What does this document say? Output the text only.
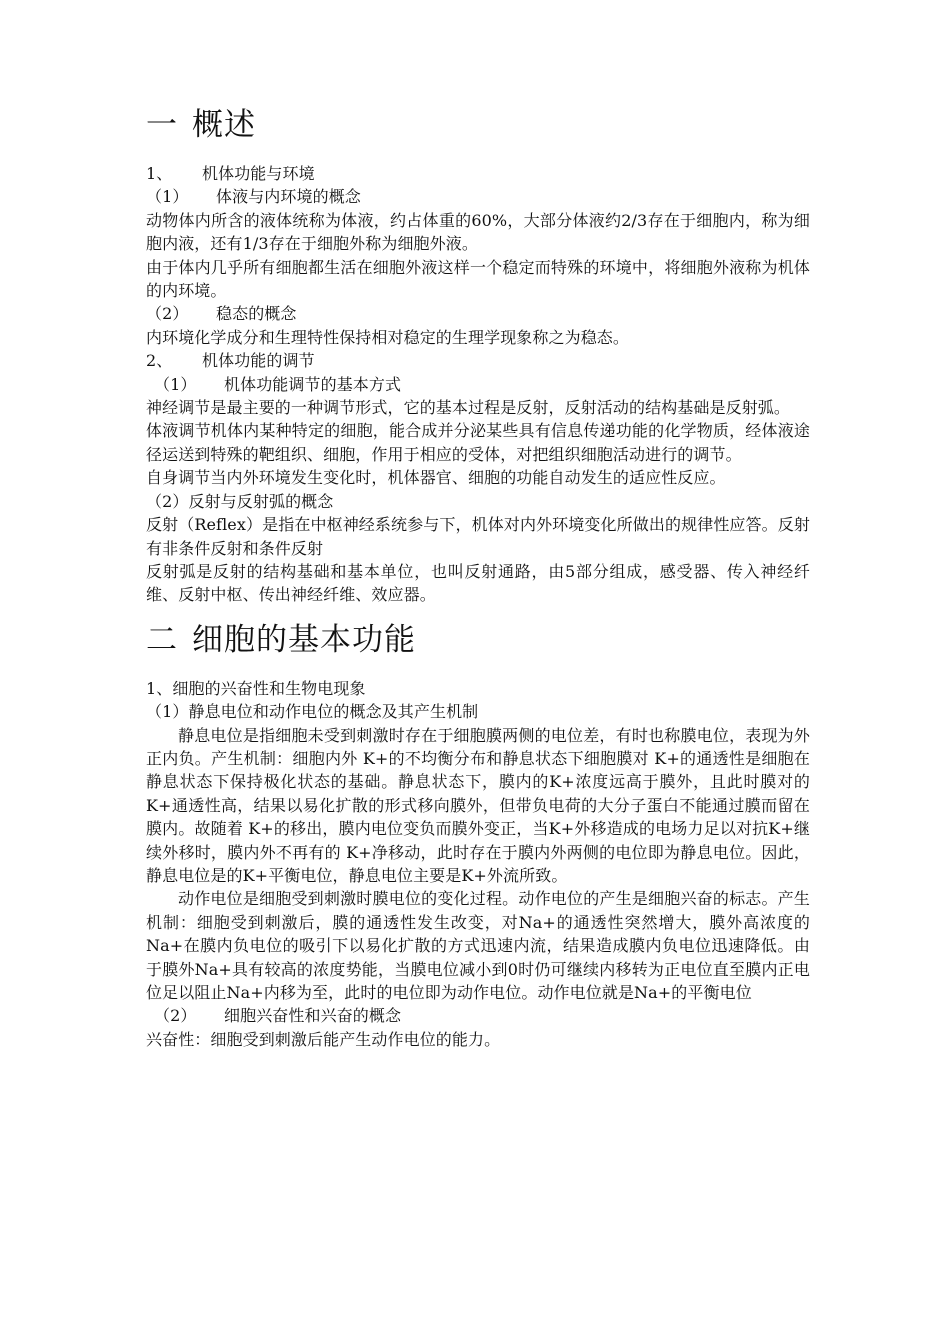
一 概述

1、 机体功能与环境

（1） 体液与内环境的概念

动物体内所含的液体统称为体液，约占体重的60%，大部分体液约2/3存在于细胞内，称为细胞内液，还有1/3存在于细胞外称为细胞外液。

由于体内几乎所有细胞都生活在细胞外液这样一个稳定而特殊的环境中，将细胞外液称为机体的内环境。

（2） 稳态的概念

内环境化学成分和生理特性保持相对稳定的生理学现象称之为稳态。

2、 机体功能的调节

（1） 机体功能调节的基本方式

神经调节是最主要的一种调节形式，它的基本过程是反射，反射活动的结构基础是反射弧。

体液调节机体内某种特定的细胞，能合成并分泌某些具有信息传递功能的化学物质，经体液途径运送到特殊的靶组织、细胞，作用于相应的受体，对把组织细胞活动进行的调节。

自身调节当内外环境发生变化时，机体器官、细胞的功能自动发生的适应性反应。

（2）反射与反射弧的概念

反射（Reflex）是指在中枢神经系统参与下，机体对内外环境变化所做出的规律性应答。反射有非条件反射和条件反射

反射弧是反射的结构基础和基本单位，也叫反射通路，由5部分组成，感受器、传入神经纤维、反射中枢、传出神经纤维、效应器。

二 细胞的基本功能

1、细胞的兴奋性和生物电现象

（1）静息电位和动作电位的概念及其产生机制

静息电位是指细胞未受到刺激时存在于细胞膜两侧的电位差，有时也称膜电位，表现为外正内负。产生机制：细胞内外 K+的不均衡分布和静息状态下细胞膜对 K+的通透性是细胞在静息状态下保持极化状态的基础。静息状态下，膜内的K+浓度远高于膜外，且此时膜对的K+通透性高，结果以易化扩散的形式移向膜外，但带负电荷的大分子蛋白不能通过膜而留在膜内。故随着 K+的移出，膜内电位变负而膜外变正，当K+外移造成的电场力足以对抗K+继续外移时，膜内外不再有的 K+净移动，此时存在于膜内外两侧的电位即为静息电位。因此，静息电位是的K+平衡电位，静息电位主要是K+外流所致。

动作电位是细胞受到刺激时膜电位的变化过程。动作电位的产生是细胞兴奋的标志。产生机制：细胞受到刺激后，膜的通透性发生改变，对Na+的通透性突然增大，膜外高浓度的Na+在膜内负电位的吸引下以易化扩散的方式迅速内流，结果造成膜内负电位迅速降低。由于膜外Na+具有较高的浓度势能，当膜电位减小到0时仍可继续内移转为正电位直至膜内正电位足以阻止Na+内移为至，此时的电位即为动作电位。动作电位就是Na+的平衡电位

（2） 细胞兴奋性和兴奋的概念

兴奋性：细胞受到刺激后能产生动作电位的能力。
